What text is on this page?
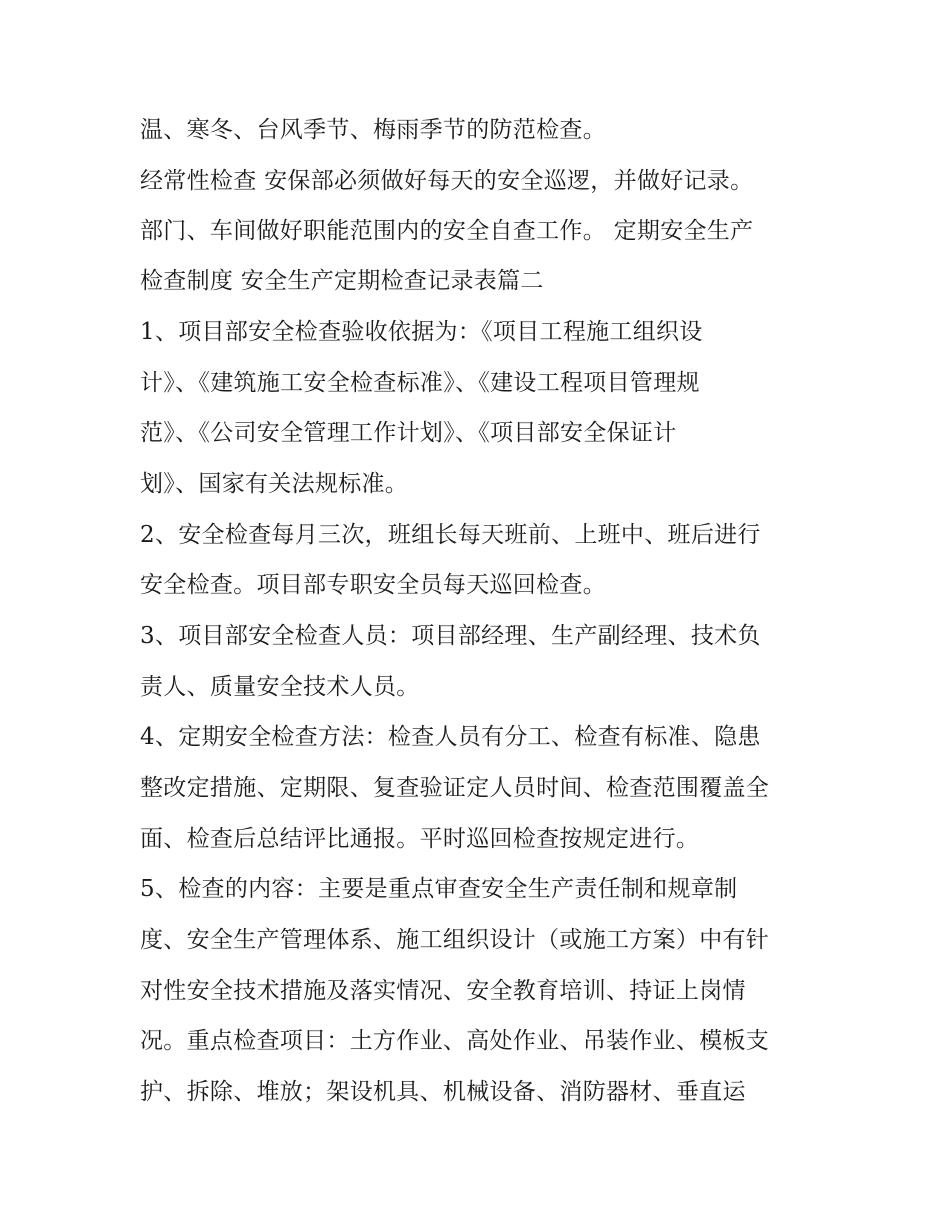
温、寒冬、台风季节、梅雨季节的防范检查。
经常性检查 安保部必须做好每天的安全巡逻，并做好记录。
部门、车间做好职能范围内的安全自查工作。 定期安全生产
检查制度 安全生产定期检查记录表篇二
1、项目部安全检查验收依据为：《项目工程施工组织设
计》、《建筑施工安全检查标准》、《建设工程项目管理规
范》、《公司安全管理工作计划》、《项目部安全保证计
划》、国家有关法规标准。
2、安全检查每月三次，班组长每天班前、上班中、班后进行
安全检查。项目部专职安全员每天巡回检查。
3、项目部安全检查人员：项目部经理、生产副经理、技术负
责人、质量安全技术人员。
4、定期安全检查方法：检查人员有分工、检查有标准、隐患
整改定措施、定期限、复查验证定人员时间、检查范围覆盖全
面、检查后总结评比通报。平时巡回检查按规定进行。
5、检查的内容：主要是重点审查安全生产责任制和规章制
度、安全生产管理体系、施工组织设计（或施工方案）中有针
对性安全技术措施及落实情况、安全教育培训、持证上岗情
况。重点检查项目：土方作业、高处作业、吊装作业、模板支
护、拆除、堆放；架设机具、机械设备、消防器材、垂直运
